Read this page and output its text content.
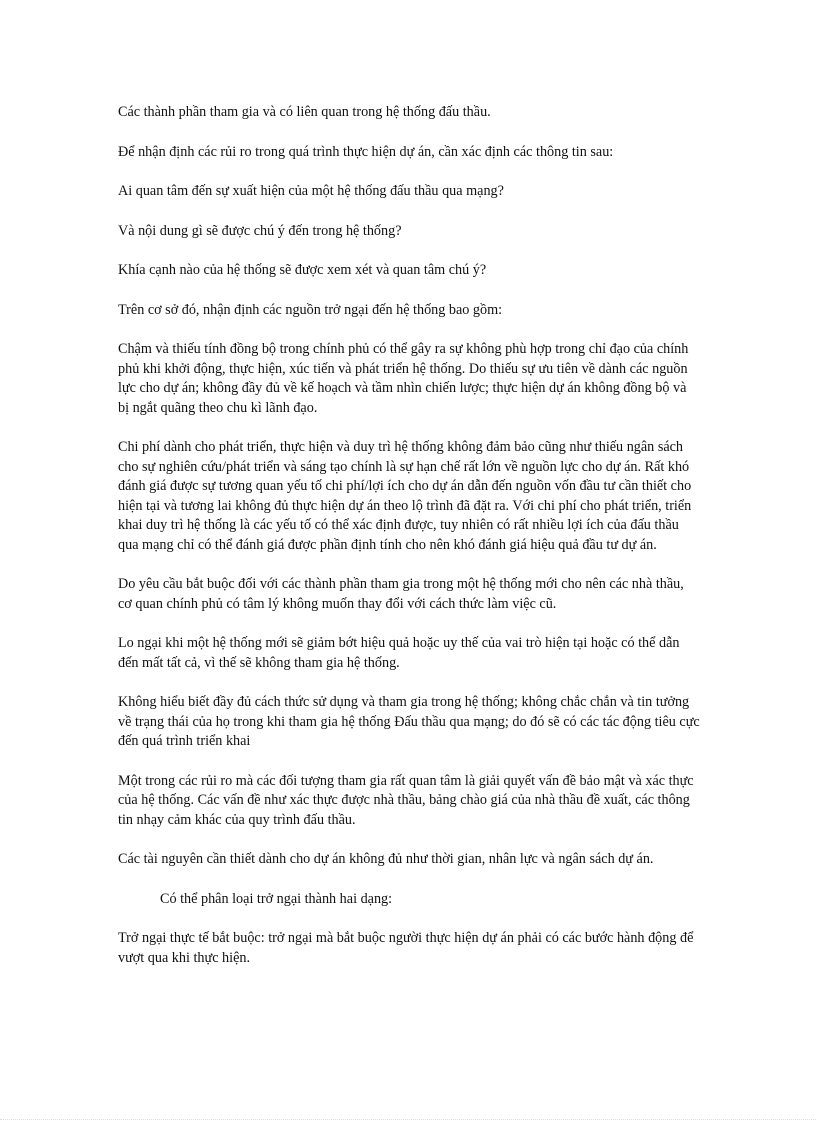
Các thành phần tham gia và có liên quan trong hệ thống đấu thầu.

Để nhận định các rủi ro trong quá trình thực hiện dự án, cần xác định các thông tin sau:

Ai quan tâm đến sự xuất hiện của một hệ thống đấu thầu qua mạng?

Và nội dung gì sẽ được chú ý đến trong hệ thống?

Khía cạnh nào của hệ thống sẽ được xem xét và quan tâm chú ý?

Trên cơ sở đó, nhận định các nguồn trở ngại đến hệ thống bao gồm:

Chậm và thiếu tính đồng bộ trong chính phủ có thể gây ra sự không phù hợp trong chỉ đạo của chính phủ khi khởi động, thực hiện, xúc tiến và phát triển hệ thống. Do thiếu sự ưu tiên về dành các nguồn lực cho dự án; không đầy đủ về kế hoạch và tầm nhìn chiến lược; thực hiện dự án không đồng bộ và bị ngắt quãng theo chu kì lãnh đạo.

Chi phí dành cho phát triển, thực hiện và duy trì hệ thống không đảm bảo cũng như thiếu ngân sách cho sự nghiên cứu/phát triển và sáng tạo chính là sự hạn chế rất lớn về nguồn lực cho dự án. Rất khó đánh giá được sự tương quan yếu tố chi phí/lợi ích cho dự án dẫn đến nguồn vốn đầu tư cần thiết cho hiện tại và tương lai không đủ thực hiện dự án theo lộ trình đã đặt ra. Với chi phí cho phát triển, triển khai duy trì hệ thống là các yếu tố có thể xác định được, tuy nhiên có rất nhiều lợi ích của đấu thầu qua mạng chỉ có thể đánh giá được phần định tính cho nên khó đánh giá hiệu quả đầu tư dự án.

Do yêu cầu bắt buộc đối với các thành phần tham gia trong một hệ thống mới cho nên các nhà thầu, cơ quan chính phủ có tâm lý không muốn thay đổi với cách thức làm việc cũ.

Lo ngại khi một hệ thống mới sẽ giảm bớt hiệu quả hoặc uy thế của vai trò hiện tại hoặc có thể dẫn đến mất tất cả, vì thế sẽ không tham gia hệ thống.

Không hiểu biết đầy đủ cách thức sử dụng và tham gia trong hệ thống; không chắc chắn và tin tưởng về trạng thái của họ trong khi tham gia hệ thống Đấu thầu qua mạng; do đó sẽ có các tác động tiêu cực đến quá trình triển khai

Một trong các rủi ro mà các đối tượng tham gia rất quan tâm là giải quyết vấn đề bảo mật và xác thực của hệ thống. Các vấn đề như xác thực được nhà thầu, bảng chào giá của nhà thầu đề xuất, các thông tin nhạy cảm khác của quy trình đấu thầu.

Các tài nguyên cần thiết dành cho dự án không đủ như thời gian, nhân lực và ngân sách dự án.

Có thể phân loại trở ngại thành hai dạng:

Trở ngại thực tế bắt buộc: trở ngại mà bắt buộc người thực hiện dự án phải có các bước hành động để vượt qua khi thực hiện.
